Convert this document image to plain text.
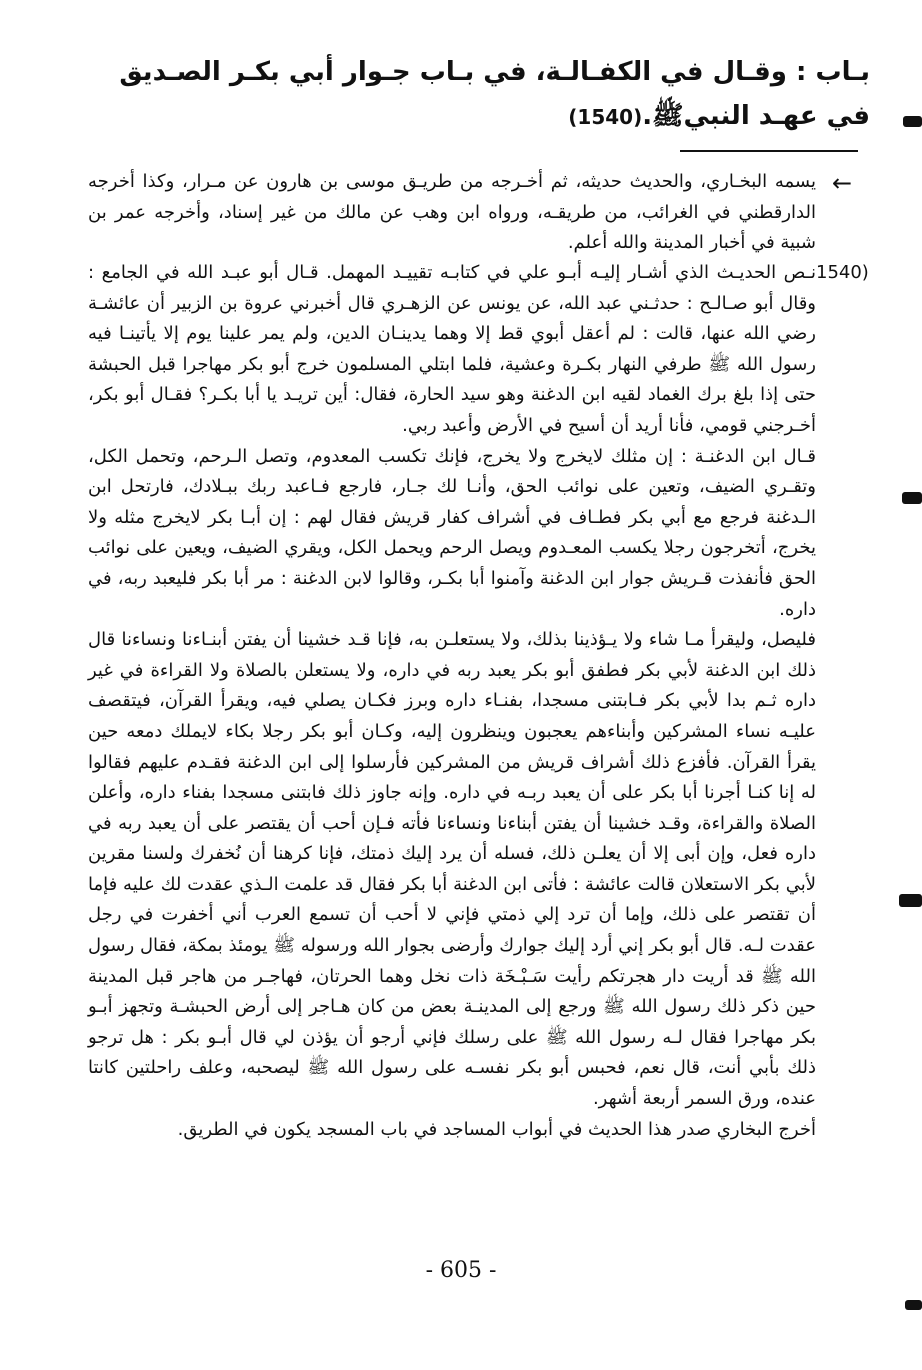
بـاب : وقـال في الكفـالـة، في بـاب جـوار أبي بكـر الصـديق في عهـد النبيﷺ.(1540)
←

يسمه البخـاري، والحديث حديثه، ثم أخـرجه من طريـق موسى بن هارون عن مـرار، وكذا أخرجه الدارقطني في الغرائب، من طريقـه، ورواه ابن وهب عن مالك من غير إسناد، وأخرجه عمر بن شبية في أخبار المدينة والله أعلم.

1540)

نـص الحديـث الذي أشـار إليـه أبـو علي في كتابـه تقييـد المهمل. قـال أبو عبـد الله في الجامع : وقال أبو صـالـح : حدثـني عبد الله، عن يونس عن الزهـري قال أخبرني عروة بن الزبير أن عائشـة رضي الله عنها، قالت : لم أعقل أبوي قط إلا وهما يدينـان الدين، ولم يمر علينا يوم إلا يأتينـا فيه رسول الله ﷺ طرفي النهار بكـرة وعشية، فلما ابتلي المسلمون خرج أبو بكر مهاجرا قبل الحبشة حتى إذا بلغ برك الغماد لقيه ابن الدغنة وهو سيد الحارة، فقال: أين تريـد يا أبا بكـر؟ فقـال أبو بكر، أخـرجني قومي، فأنا أريد أن أسيح في الأرض وأعبد ربي.

قـال ابن الدغنـة : إن مثلك لايخرج ولا يخرج، فإنك تكسب المعدوم، وتصل الـرحم، وتحمل الكل، وتقـري الضيف، وتعين على نوائب الحق، وأنـا لك جـار، فارجع فـاعبد ربك ببـلادك، فارتحل ابن الـدغنة فرجع مع أبي بكر فطـاف في أشراف كفار قريش فقال لهم : إن أبـا بكر لايخرج مثله ولا يخرج، أتخرجون رجلا يكسب المعـدوم ويصل الرحم ويحمل الكل، ويقري الضيف، ويعين على نوائب الحق فأنفذت قـريش جوار ابن الدغنة وآمنوا أبا بكـر، وقالوا لابن الدغنة : مر أبا بكر فليعبد ربه، في داره.

فليصل، وليقرأ مـا شاء ولا يـؤذينا بذلك، ولا يستعلـن به، فإنا قـد خشينا أن يفتن أبنـاءنا ونساءنا قال ذلك ابن الدغنة لأبي بكر فطفق أبو بكر يعبد ربه في داره، ولا يستعلن بالصلاة ولا القراءة في غير داره ثـم بدا لأبي بكر فـابتنى مسجدا، بفنـاء داره وبرز فكـان يصلي فيه، ويقرأ القرآن، فيتقصف عليـه نساء المشركين وأبناءهم يعجبون وينظرون إليه، وكـان أبو بكر رجلا بكاء لايملك دمعه حين يقرأ القرآن. فأفزع ذلك أشراف قريش من المشركين فأرسلوا إلى ابن الدغنة فقـدم عليهم فقالوا له إنا كنـا أجرنا أبا بكر على أن يعبد ربـه في داره. وإنه جاوز ذلك فابتنى مسجدا بفناء داره، وأعلن الصلاة والقراءة، وقـد خشينا أن يفتن أبناءنا ونساءنا فأته فـإن أحب أن يقتصر على أن يعبد ربه في داره فعل، وإن أبى إلا أن يعلـن ذلك، فسله أن يرد إليك ذمتك، فإنا كرهنا أن نُخفرك ولسنا مقرين لأبي بكر الاستعلان قالت عائشة : فأتى ابن الدغنة أبا بكر فقال قد علمت الـذي عقدت لك عليه فإما أن تقتصر على ذلك، وإما أن ترد إلي ذمتي فإني لا أحب أن تسمع العرب أني أخفرت في رجل عقدت لـه. قال أبو بكر إني أرد إليك جوارك وأرضى بجوار الله ورسوله ﷺ يومئذ بمكة، فقال رسول الله ﷺ قد أريت دار هجرتكم رأيت سَـبْـخَة ذات نخل وهما الحرتان، فهاجـر من هاجر قبل المدينة حين ذكر ذلك رسول الله ﷺ ورجع إلى المدينـة بعض من كان هـاجر إلى أرض الحبشـة وتجهز أبـو بكر مهاجرا فقال لـه رسول الله ﷺ على رسلك فإني أرجو أن يؤذن لي قال أبـو بكر : هل ترجو ذلك بأبي أنت، قال نعم، فحبس أبو بكر نفسـه على رسول الله ﷺ ليصحبه، وعلف راحلتين كانتا عنده، ورق السمر أربعة أشهر.

أخرج البخاري صدر هذا الحديث في أبواب المساجد في باب المسجد يكون في الطريق.

- 605 -
